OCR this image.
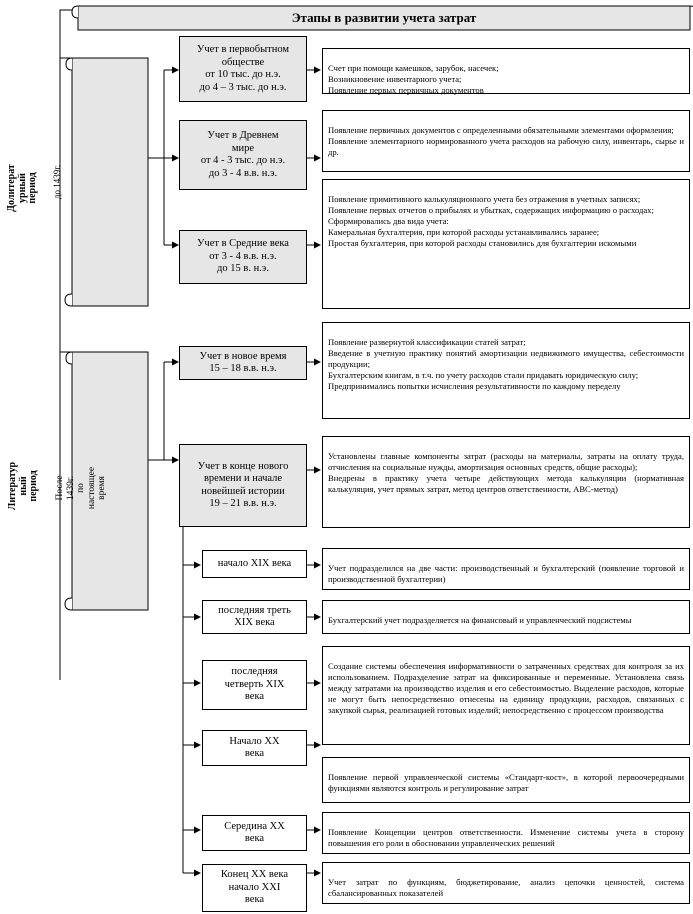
Этапы в развитии учета затрат
Долитерат
урный
период	до 1439г.
Литератур
ный
период	После
1439г.
по
настоящее
время
Учет в первобытном
обществе
от 10 тыс. до н.э.
до 4 – 3 тыс. до н.э.
Учет в Древнем
мире
от 4 - 3 тыс. до н.э.
до 3 - 4 в.в. н.э.
Учет в Средние века
от 3 - 4 в.в. н.э.
до 15 в. н.э.
Учет в новое время
15 – 18 в.в. н.э.
Учет в конце нового
времени и начале
новейшей истории
19 – 21 в.в. н.э.

Счет при помощи камешков, зарубок, насечек;
Возникновение инвентарного учета;
Появление первых первичных документов

Появление первичных документов с определенными обязательными элементами оформления;
Появление элементарного нормированного учета расходов на рабочую силу, инвентарь, сырье и др.

Появление примитивного калькуляционного учета без отражения в учетных записях;
Появление первых отчетов о прибылях и убытках, содержащих информацию о расходах;
Сформировались два вида учета:
Камеральная бухгалтерия, при которой расходы устанавливались заранее;
Простая бухгалтерия, при которой расходы становились для бухгалтерии искомыми

Появление развернутой классификации статей затрат;
Введение в учетную практику понятий амортизации недвижимого имущества, себестоимости продукции;
Бухгалтерским книгам, в т.ч. по учету расходов стали придавать юридическую силу;
Предпринимались попытки исчисления результативности по каждому переделу

Установлены главные компоненты затрат (расходы на материалы, затраты на оплату труда, отчисления на социальные нужды, амортизация основных средств, общие расходы);
Внедрены в практику учета четыре действующих метода калькуляции (нормативная калькуляция, учет прямых затрат, метод центров ответственности, АВС-метод)
начало XIX века
последняя треть
XIX века
последняя
четверть XIX
века
Начало XX
века
Середина XX
века
Конец XX века
начало XXI
века

Учет подразделился на две части: производственный и бухгалтерский (появление торговой и производственной бухгалтерии)

Бухгалтерский учет подразделяется на финансовый и управленческий подсистемы

Создание системы обеспечения информативности о затраченных средствах для контроля за их использованием. Подразделение затрат на фиксированные и переменные. Установлена связь между затратами на производство изделия и его себестоимостью. Выделение расходов, которые не могут быть непосредственно отнесены на единицу продукции, расходов, связанных с закупкой сырья, реализацией готовых изделий; непосредственно с процессом производства

Появление первой управленческой системы «Стандарт-кост», в которой первоочередными функциями являются контроль и регулирование затрат

Появление Концепции центров ответственности. Изменение системы учета в сторону повышения его роли в обосновании управленческих решений

Учет затрат по функциям, бюджетирование, анализ цепочки ценностей, система сбалансированных показателей
